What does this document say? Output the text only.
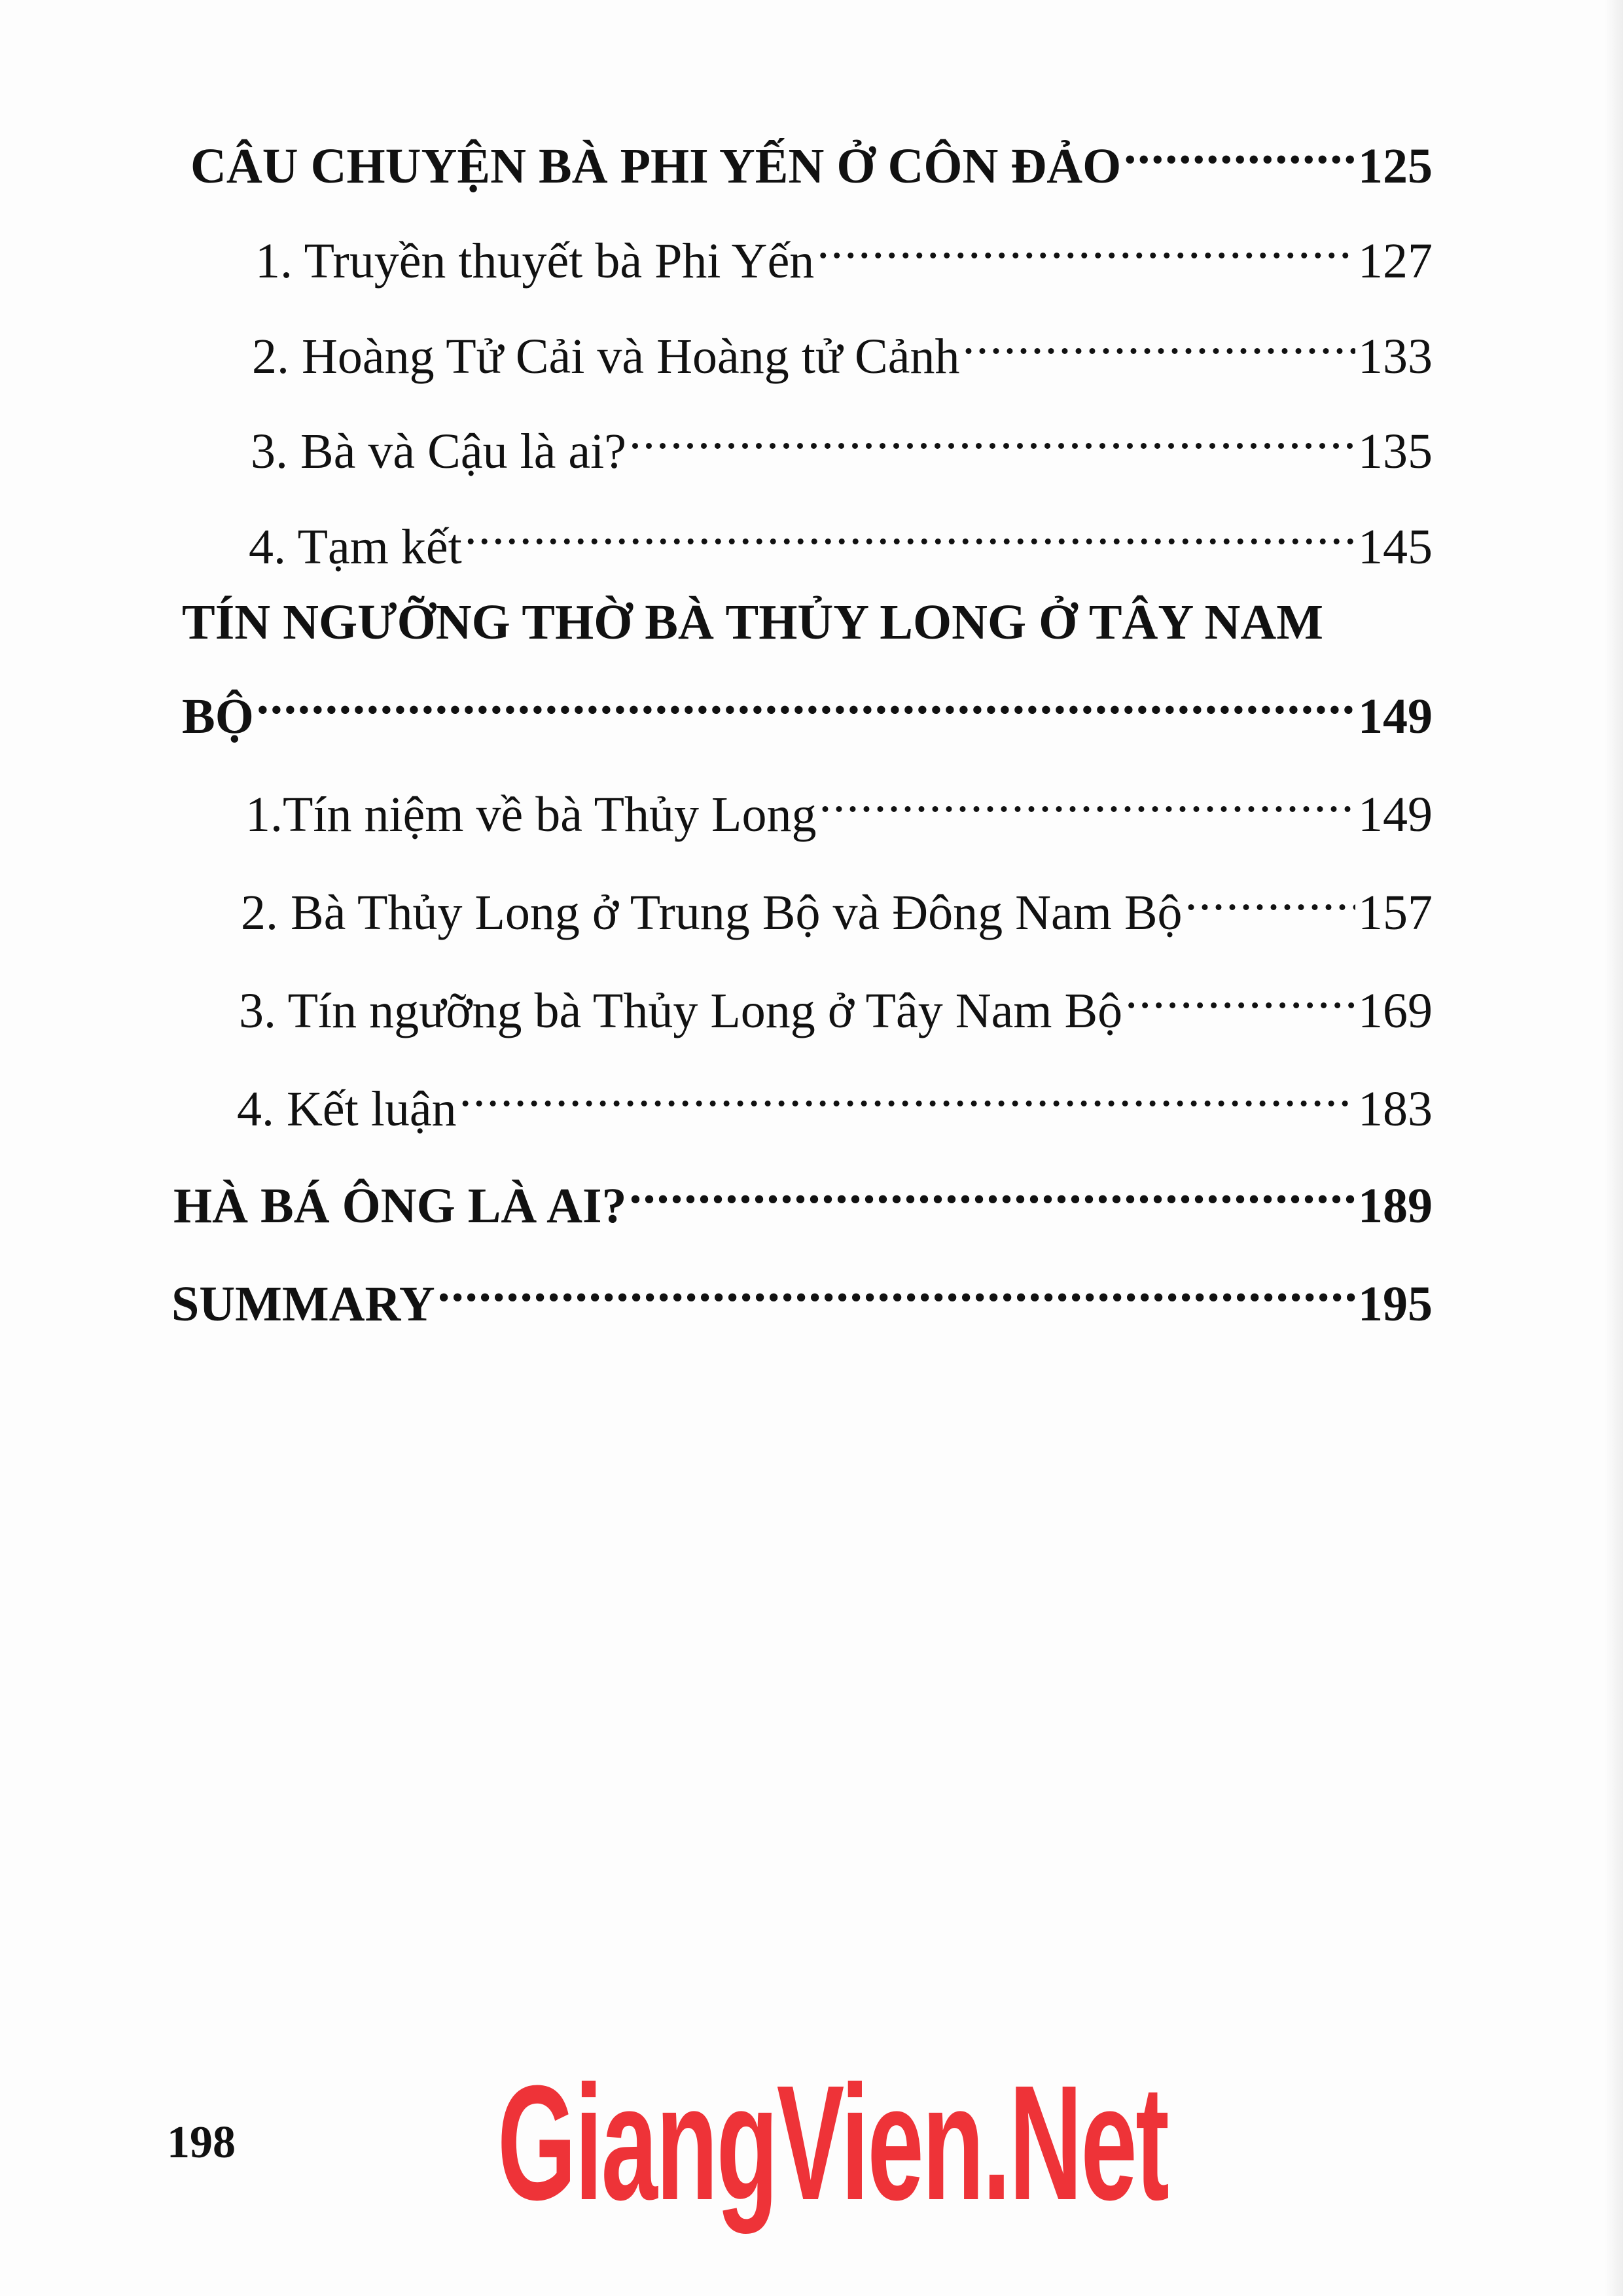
CÂU CHUYỆN BÀ PHI YẾN Ở CÔN ĐẢO .....	125
1. Truyền thuyết bà Phi Yến .....	127
2. Hoàng Tử Cải và Hoàng tử Cảnh .....	133
3. Bà và Cậu là ai? .....	135
4. Tạm kết .....	145
TÍN NGƯỠNG THỜ BÀ THỦY LONG Ở TÂY NAM
BỘ .....	149
1.Tín niệm về bà Thủy Long .....	149
2. Bà Thủy Long ở Trung Bộ và Đông Nam Bộ .....	157
3. Tín ngưỡng bà Thủy Long ở Tây Nam Bộ .....	169
4. Kết luận .....	183
HÀ BÁ ÔNG LÀ AI? .....	189
SUMMARY .....	195
198 GiangVien.Net
